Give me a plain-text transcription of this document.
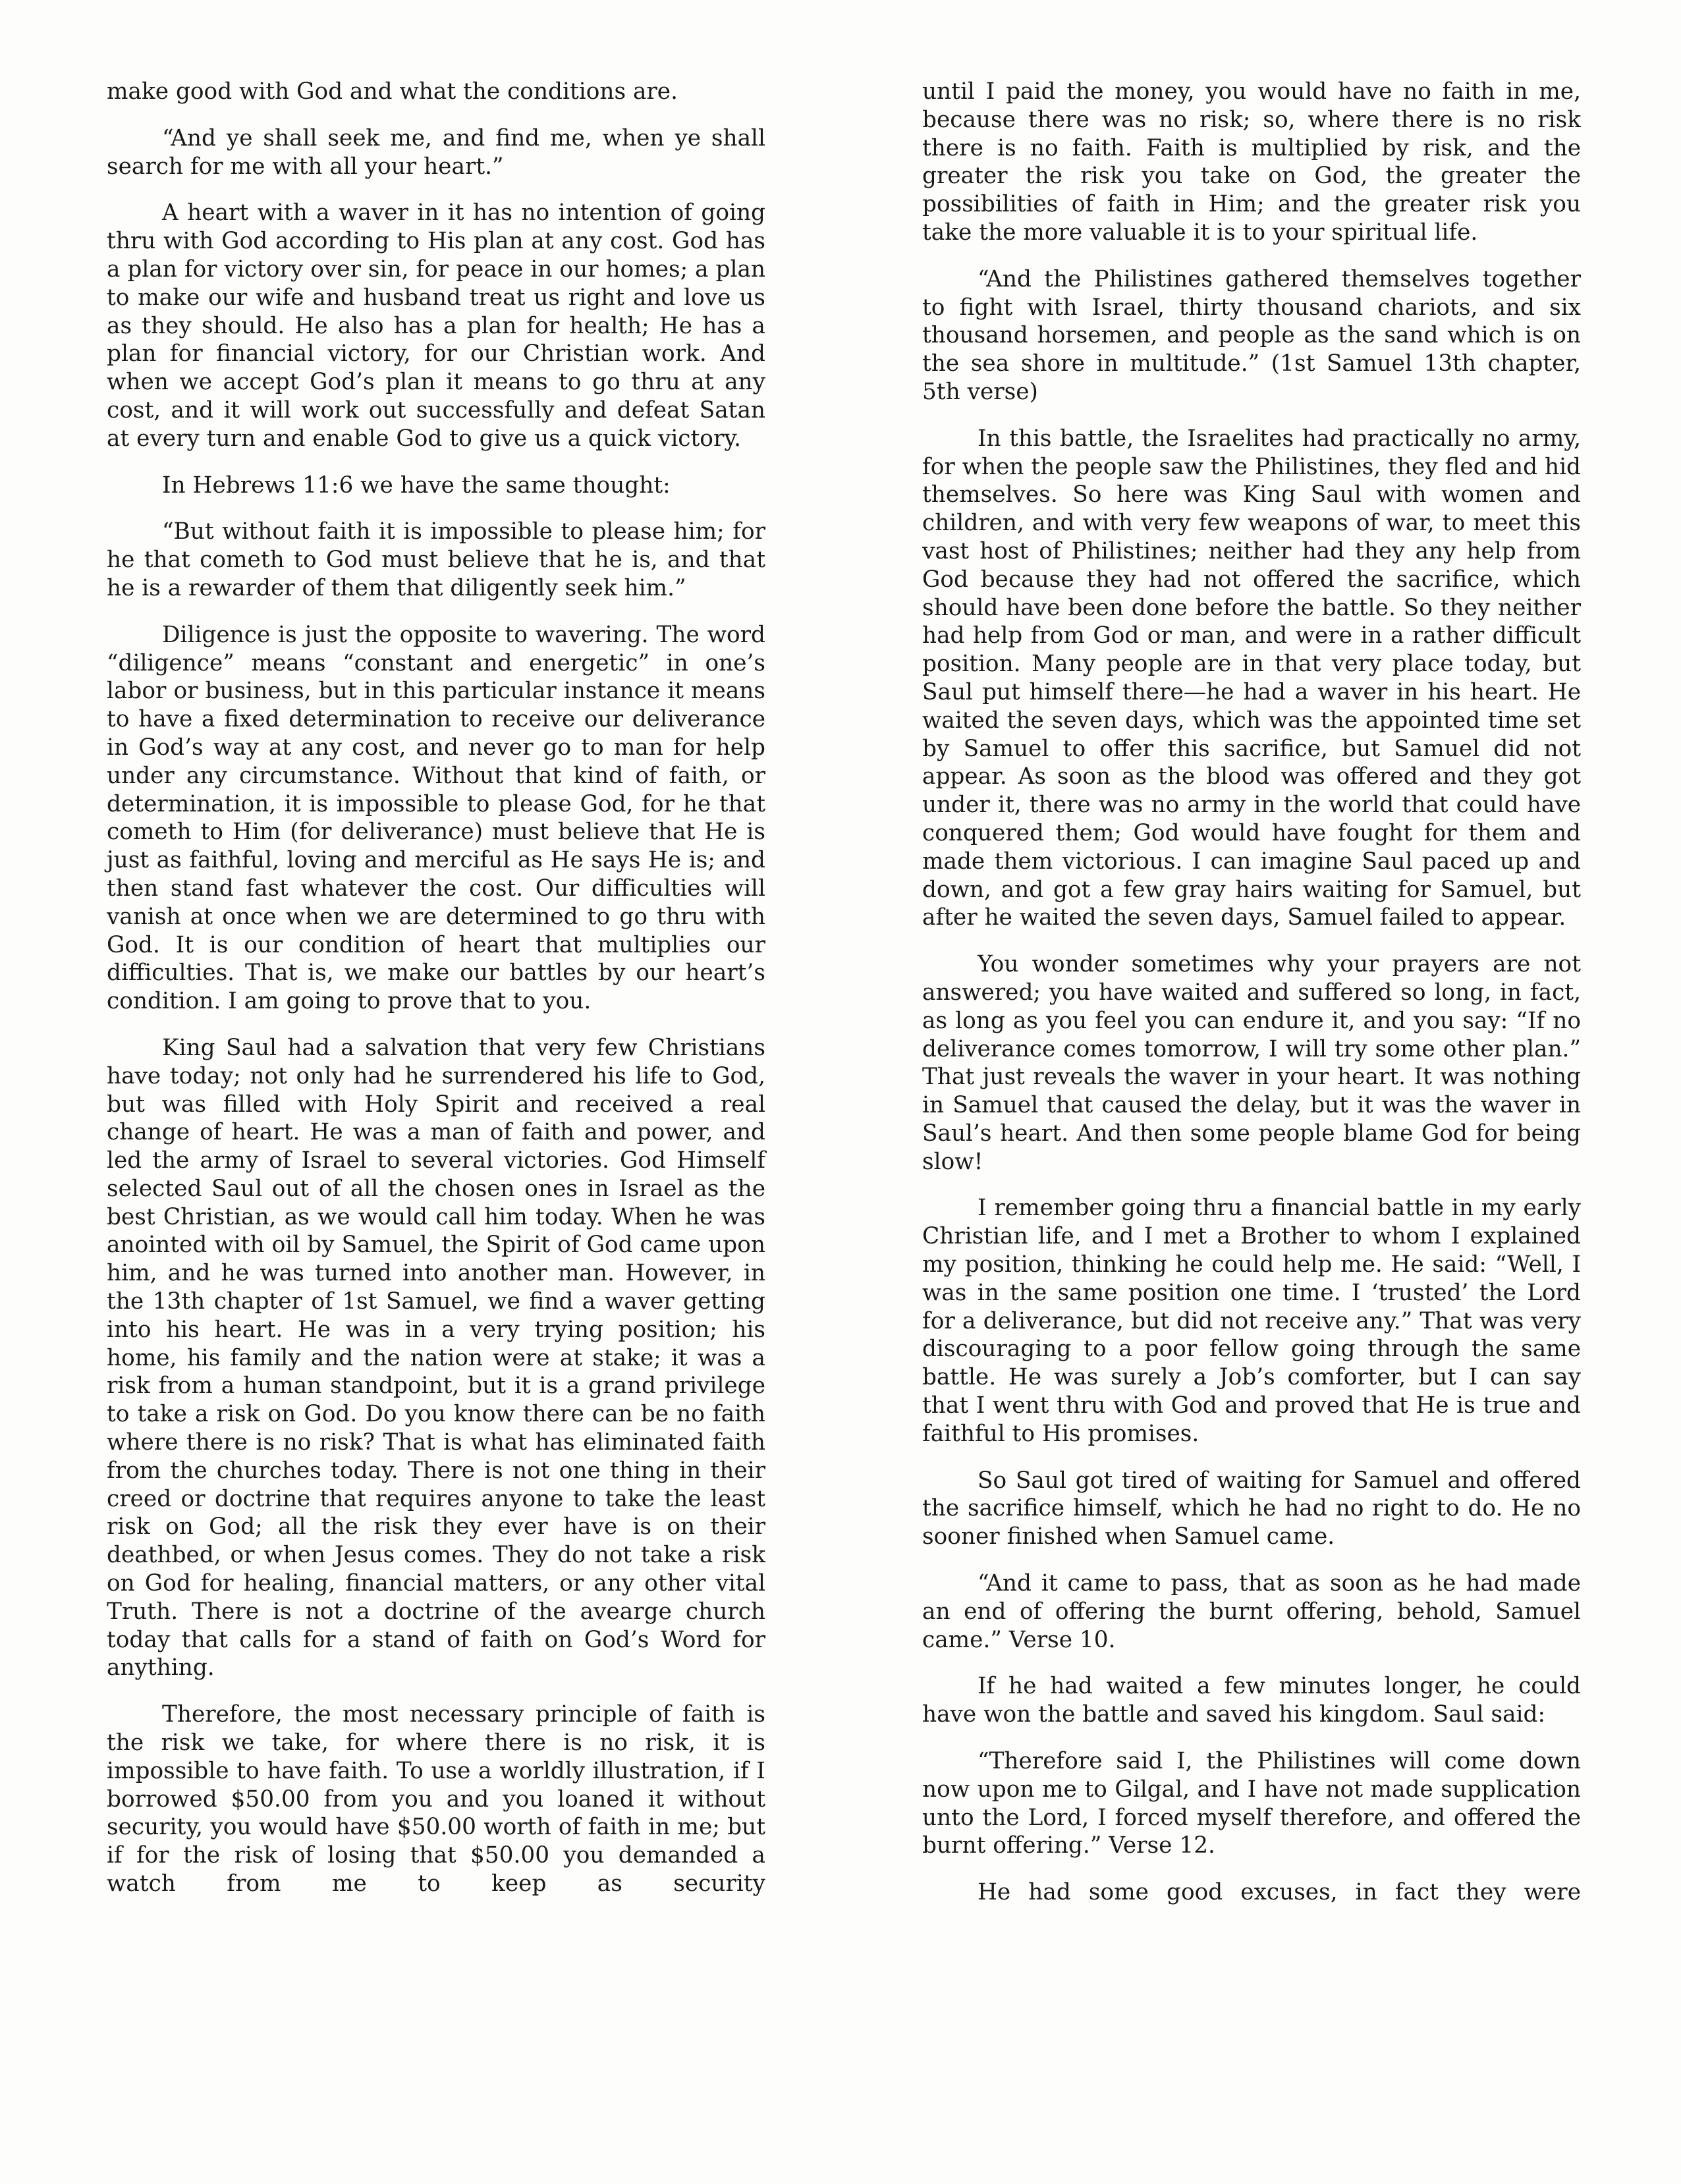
make good with God and what the conditions are.

“And ye shall seek me, and find me, when ye shall search for me with all your heart.”

A heart with a waver in it has no intention of going thru with God according to His plan at any cost. God has a plan for victory over sin, for peace in our homes; a plan to make our wife and husband treat us right and love us as they should. He also has a plan for health; He has a plan for financial victory, for our Christian work. And when we accept God’s plan it means to go thru at any cost, and it will work out successfully and defeat Satan at every turn and enable God to give us a quick victory.

In Hebrews 11:6 we have the same thought:

“But without faith it is impossible to please him; for he that cometh to God must believe that he is, and that he is a rewarder of them that diligently seek him.”

Diligence is just the opposite to wavering. The word “diligence” means “constant and energetic” in one’s labor or business, but in this particular instance it means to have a fixed determination to receive our deliverance in God’s way at any cost, and never go to man for help under any circumstance. Without that kind of faith, or determination, it is impossible to please God, for he that cometh to Him (for deliverance) must believe that He is just as faithful, loving and merciful as He says He is; and then stand fast whatever the cost. Our difficulties will vanish at once when we are determined to go thru with God. It is our condition of heart that multiplies our difficulties. That is, we make our battles by our heart’s condition. I am going to prove that to you.

King Saul had a salvation that very few Christians have today; not only had he surrendered his life to God, but was filled with Holy Spirit and received a real change of heart. He was a man of faith and power, and led the army of Israel to several victories. God Himself selected Saul out of all the chosen ones in Israel as the best Christian, as we would call him today. When he was anointed with oil by Samuel, the Spirit of God came upon him, and he was turned into another man. However, in the 13th chapter of 1st Samuel, we find a waver getting into his heart. He was in a very trying position; his home, his family and the nation were at stake; it was a risk from a human standpoint, but it is a grand privilege to take a risk on God. Do you know there can be no faith where there is no risk? That is what has eliminated faith from the churches today. There is not one thing in their creed or doctrine that requires anyone to take the least risk on God; all the risk they ever have is on their deathbed, or when Jesus comes. They do not take a risk on God for healing, financial matters, or any other vital Truth. There is not a doctrine of the avearge church today that calls for a stand of faith on God’s Word for anything.

Therefore, the most necessary principle of faith is the risk we take, for where there is no risk, it is impossible to have faith. To use a worldly illustration, if I borrowed $50.00 from you and you loaned it without security, you would have $50.00 worth of faith in me; but if for the risk of losing that $50.00 you demanded a watch from me to keep as security

until I paid the money, you would have no faith in me, because there was no risk; so, where there is no risk there is no faith. Faith is multiplied by risk, and the greater the risk you take on God, the greater the possibilities of faith in Him; and the greater risk you take the more valuable it is to your spiritual life.

“And the Philistines gathered themselves together to fight with Israel, thirty thousand chariots, and six thousand horsemen, and people as the sand which is on the sea shore in multitude.” (1st Samuel 13th chapter, 5th verse)

In this battle, the Israelites had practically no army, for when the people saw the Philistines, they fled and hid themselves. So here was King Saul with women and children, and with very few weapons of war, to meet this vast host of Philistines; neither had they any help from God because they had not offered the sacrifice, which should have been done before the battle. So they neither had help from God or man, and were in a rather difficult position. Many people are in that very place today, but Saul put himself there—he had a waver in his heart. He waited the seven days, which was the appointed time set by Samuel to offer this sacrifice, but Samuel did not appear. As soon as the blood was offered and they got under it, there was no army in the world that could have conquered them; God would have fought for them and made them victorious. I can imagine Saul paced up and down, and got a few gray hairs waiting for Samuel, but after he waited the seven days, Samuel failed to appear.

You wonder sometimes why your prayers are not answered; you have waited and suffered so long, in fact, as long as you feel you can endure it, and you say: “If no deliverance comes tomorrow, I will try some other plan.” That just reveals the waver in your heart. It was nothing in Samuel that caused the delay, but it was the waver in Saul’s heart. And then some people blame God for being slow!

I remember going thru a financial battle in my early Christian life, and I met a Brother to whom I explained my position, thinking he could help me. He said: “Well, I was in the same position one time. I ‘trusted’ the Lord for a deliverance, but did not receive any.” That was very discouraging to a poor fellow going through the same battle. He was surely a Job’s comforter, but I can say that I went thru with God and proved that He is true and faithful to His promises.

So Saul got tired of waiting for Samuel and offered the sacrifice himself, which he had no right to do. He no sooner finished when Samuel came.

“And it came to pass, that as soon as he had made an end of offering the burnt offering, behold, Samuel came.” Verse 10.

If he had waited a few minutes longer, he could have won the battle and saved his kingdom. Saul said:

“Therefore said I, the Philistines will come down now upon me to Gilgal, and I have not made supplication unto the Lord, I forced myself therefore, and offered the burnt offering.” Verse 12.

He had some good excuses, in fact they were
